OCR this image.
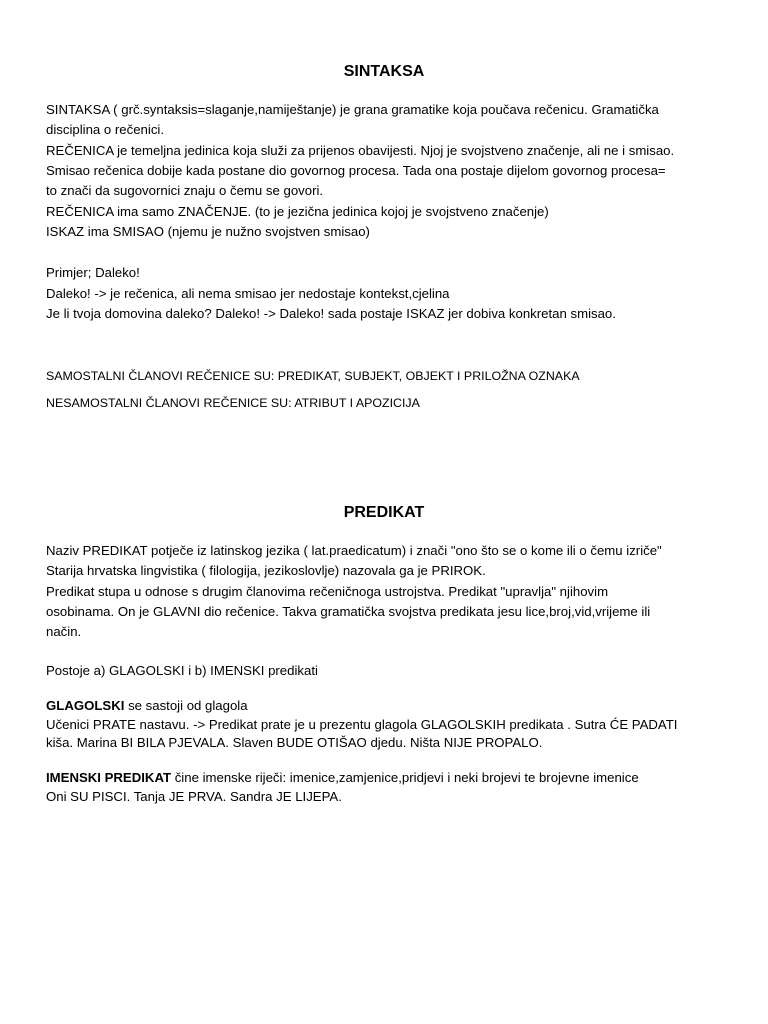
SINTAKSA

SINTAKSA ( grč.syntaksis=slaganje,namiještanje) je grana gramatike koja poučava rečenicu. Gramatička

disciplina o rečenici.

REČENICA je temeljna jedinica koja služi za prijenos obavijesti. Njoj je svojstveno značenje, ali ne i smisao.

Smisao rečenica dobije kada postane dio govornog procesa. Tada ona postaje dijelom govornog procesa=

to znači da sugovornici znaju o čemu se govori.

REČENICA ima samo ZNAČENJE. (to je jezična jedinica kojoj je svojstveno značenje)

ISKAZ ima SMISAO (njemu je nužno svojstven smisao)

Primjer; Daleko!

Daleko! -> je rečenica, ali nema smisao jer nedostaje kontekst,cjelina

Je li tvoja domovina daleko? Daleko! -> Daleko! sada postaje ISKAZ jer dobiva konkretan smisao.

SAMOSTALNI ČLANOVI REČENICE SU: PREDIKAT, SUBJEKT, OBJEKT I PRILOŽNA OZNAKA

NESAMOSTALNI ČLANOVI REČENICE SU: ATRIBUT I APOZICIJA

PREDIKAT

Naziv PREDIKAT potječe iz latinskog jezika ( lat.praedicatum) i znači "ono što se o kome ili o čemu izriče"

Starija hrvatska lingvistika ( filologija, jezikoslovlje) nazovala ga je PRIROK.

Predikat stupa u odnose s drugim članovima rečeničnoga ustrojstva. Predikat "upravlja" njihovim

osobinama. On je GLAVNI dio rečenice. Takva gramatička svojstva predikata jesu lice,broj,vid,vrijeme ili

način.

Postoje a) GLAGOLSKI i b) IMENSKI predikati

GLAGOLSKI se sastoji od glagola

Učenici PRATE nastavu. -> Predikat prate je u prezentu glagola GLAGOLSKIH predikata . Sutra ĆE PADATI

kiša. Marina BI BILA PJEVALA. Slaven BUDE OTIŠAO djedu. Ništa NIJE PROPALO.

IMENSKI PREDIKAT čine imenske riječi: imenice,zamjenice,pridjevi i neki brojevi te brojevne imenice

Oni SU PISCI. Tanja JE PRVA. Sandra JE LIJEPA.
